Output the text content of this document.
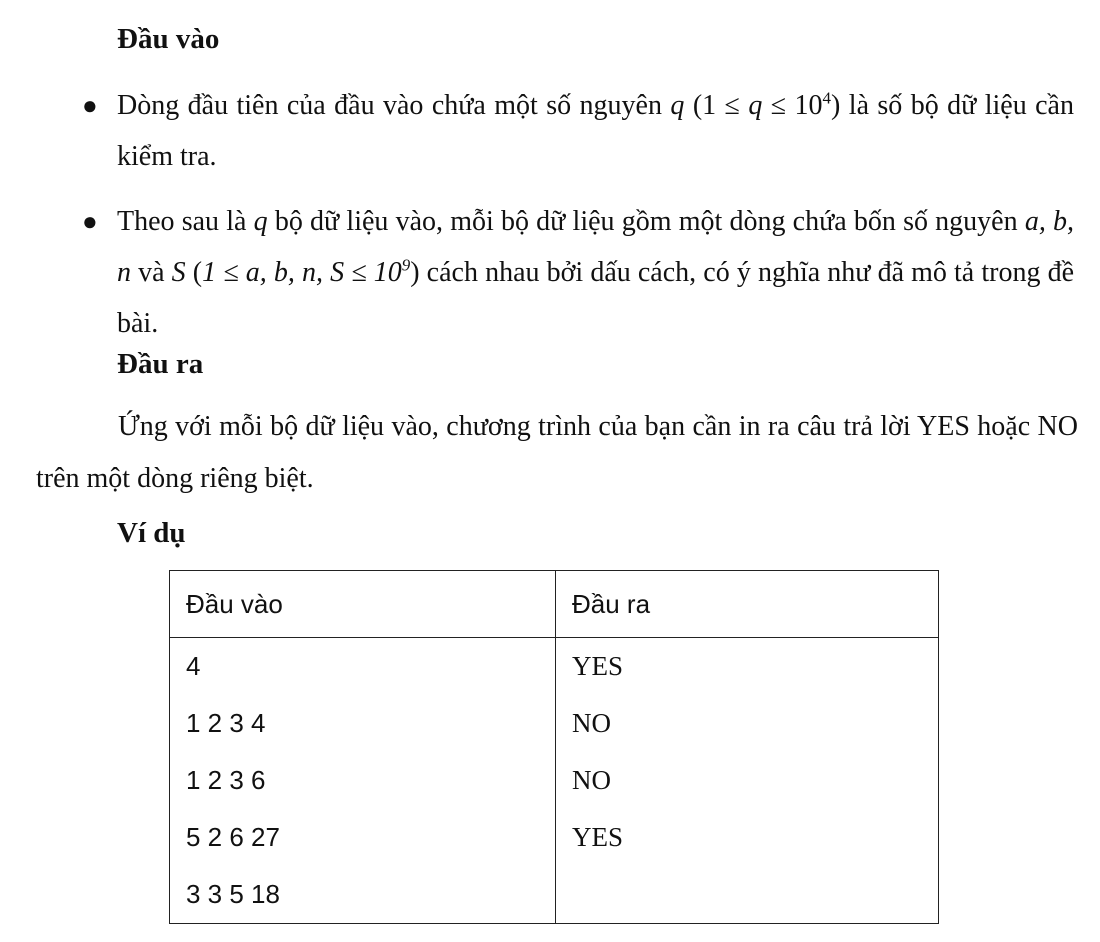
Đầu vào
● Dòng đầu tiên của đầu vào chứa một số nguyên q $(1 \le q \le 10^4)$ là số bộ dữ liệu cần kiểm tra.
● Theo sau là q bộ dữ liệu vào, mỗi bộ dữ liệu gồm một dòng chứa bốn số nguyên a, b, n và S (1 ≤ a, b, n, $S \le 10^9$) cách nhau bởi dấu cách, có ý nghĩa như đã mô tả trong đề bài.
Đầu ra

Ứng với mỗi bộ dữ liệu vào, chương trình của bạn cần in ra câu trả lời YES hoặc NO trên một dòng riêng biệt.

Ví dụ
Đầu vào	Đầu ra
4	YES
1 2 3 4	NO
1 2 3 6	NO
5 2 6 27	YES
3 3 5 18	
